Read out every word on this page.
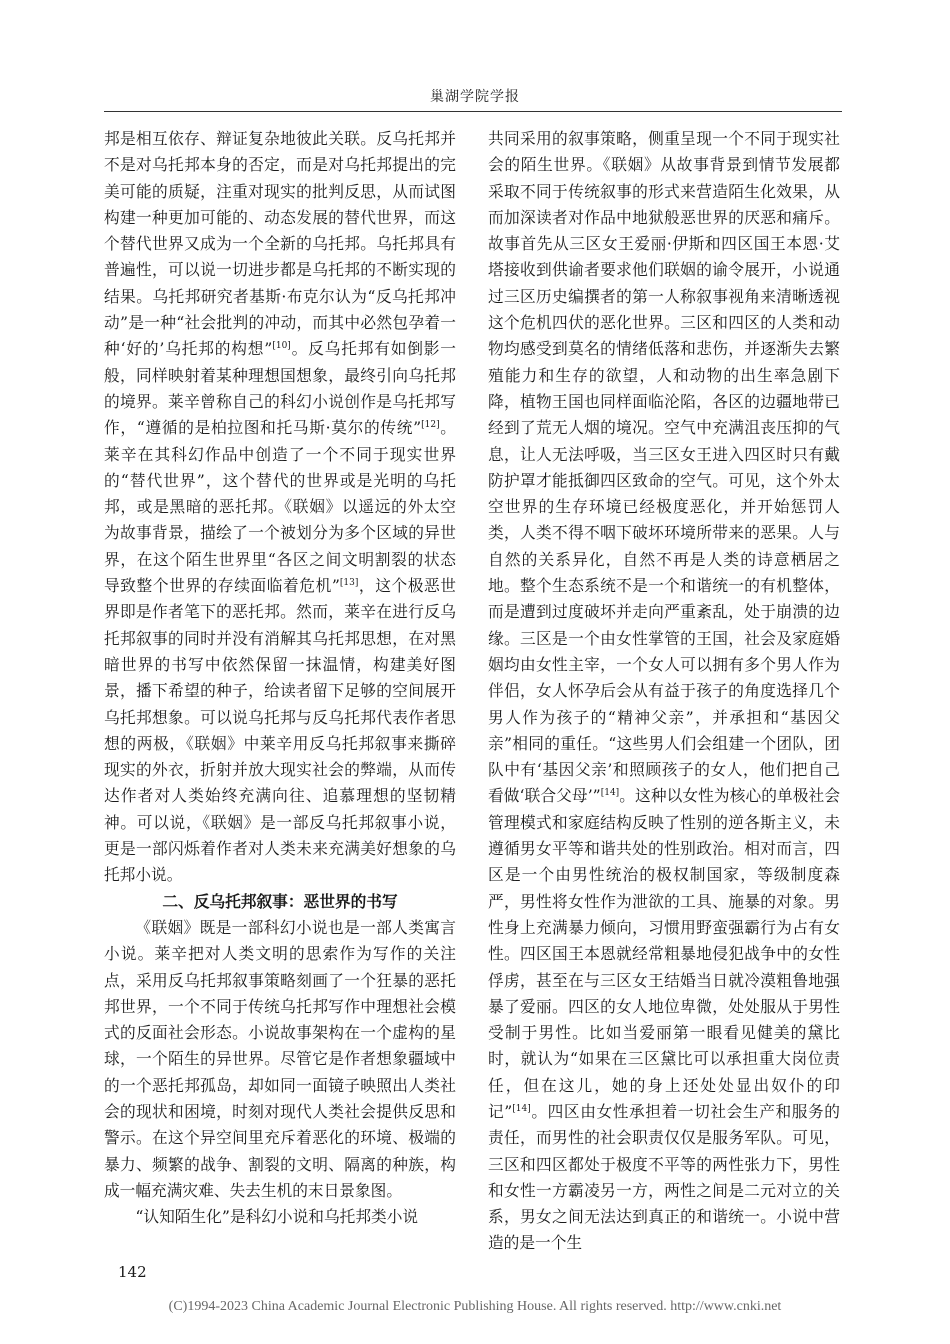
巢湖学院学报

邦是相互依存、辩证复杂地彼此关联。反乌托邦并不是对乌托邦本身的否定，而是对乌托邦提出的完美可能的质疑，注重对现实的批判反思，从而试图构建一种更加可能的、动态发展的替代世界，而这个替代世界又成为一个全新的乌托邦。乌托邦具有普遍性，可以说一切进步都是乌托邦的不断实现的结果。乌托邦研究者基斯·布克尔认为“反乌托邦冲动”是一种“社会批判的冲动，而其中必然包孕着一种‘好的’乌托邦的构想”[10]。反乌托邦有如倒影一般，同样映射着某种理想国想象，最终引向乌托邦的境界。莱辛曾称自己的科幻小说创作是乌托邦写作，“遵循的是柏拉图和托马斯·莫尔的传统”[12]。莱辛在其科幻作品中创造了一个不同于现实世界的“替代世界”，这个替代的世界或是光明的乌托邦，或是黑暗的恶托邦。《联姻》以遥远的外太空为故事背景，描绘了一个被划分为多个区域的异世界，在这个陌生世界里“各区之间文明割裂的状态导致整个世界的存续面临着危机”[13]，这个极恶世界即是作者笔下的恶托邦。然而，莱辛在进行反乌托邦叙事的同时并没有消解其乌托邦思想，在对黑暗世界的书写中依然保留一抹温情，构建美好图景，播下希望的种子，给读者留下足够的空间展开乌托邦想象。可以说乌托邦与反乌托邦代表作者思想的两极，《联姻》中莱辛用反乌托邦叙事来撕碎现实的外衣，折射并放大现实社会的弊端，从而传达作者对人类始终充满向往、追慕理想的坚韧精神。可以说，《联姻》是一部反乌托邦叙事小说，更是一部闪烁着作者对人类未来充满美好想象的乌托邦小说。

二、反乌托邦叙事：恶世界的书写

《联姻》既是一部科幻小说也是一部人类寓言小说。莱辛把对人类文明的思索作为写作的关注点，采用反乌托邦叙事策略刻画了一个狂暴的恶托邦世界，一个不同于传统乌托邦写作中理想社会模式的反面社会形态。小说故事架构在一个虚构的星球，一个陌生的异世界。尽管它是作者想象疆域中的一个恶托邦孤岛，却如同一面镜子映照出人类社会的现状和困境，时刻对现代人类社会提供反思和警示。在这个异空间里充斥着恶化的环境、极端的暴力、频繁的战争、割裂的文明、隔离的种族，构成一幅充满灾难、失去生机的末日景象图。

“认知陌生化”是科幻小说和乌托邦类小说

共同采用的叙事策略，侧重呈现一个不同于现实社会的陌生世界。《联姻》从故事背景到情节发展都采取不同于传统叙事的形式来营造陌生化效果，从而加深读者对作品中地狱般恶世界的厌恶和痛斥。故事首先从三区女王爱丽·伊斯和四区国王本恩·艾塔接收到供谕者要求他们联姻的谕令展开，小说通过三区历史编撰者的第一人称叙事视角来清晰透视这个危机四伏的恶化世界。三区和四区的人类和动物均感受到莫名的情绪低落和悲伤，并逐渐失去繁殖能力和生存的欲望，人和动物的出生率急剧下降，植物王国也同样面临沦陷，各区的边疆地带已经到了荒无人烟的境况。空气中充满沮丧压抑的气息，让人无法呼吸，当三区女王进入四区时只有戴防护罩才能抵御四区致命的空气。可见，这个外太空世界的生存环境已经极度恶化，并开始惩罚人类，人类不得不咽下破坏环境所带来的恶果。人与自然的关系异化，自然不再是人类的诗意栖居之地。整个生态系统不是一个和谐统一的有机整体，而是遭到过度破坏并走向严重紊乱，处于崩溃的边缘。三区是一个由女性掌管的王国，社会及家庭婚姻均由女性主宰，一个女人可以拥有多个男人作为伴侣，女人怀孕后会从有益于孩子的角度选择几个男人作为孩子的“精神父亲”，并承担和“基因父亲”相同的重任。“这些男人们会组建一个团队，团队中有‘基因父亲’和照顾孩子的女人，他们把自己看做‘联合父母’”[14]。这种以女性为核心的单极社会管理模式和家庭结构反映了性别的逆各斯主义，未遵循男女平等和谐共处的性别政治。相对而言，四区是一个由男性统治的极权制国家，等级制度森严，男性将女性作为泄欲的工具、施暴的对象。男性身上充满暴力倾向，习惯用野蛮强霸行为占有女性。四区国王本恩就经常粗暴地侵犯战争中的女性俘虏，甚至在与三区女王结婚当日就冷漠粗鲁地强暴了爱丽。四区的女人地位卑微，处处服从于男性受制于男性。比如当爱丽第一眼看见健美的黛比时，就认为“如果在三区黛比可以承担重大岗位责任，但在这儿，她的身上还处处显出奴仆的印记”[14]。四区由女性承担着一切社会生产和服务的责任，而男性的社会职责仅仅是服务军队。可见，三区和四区都处于极度不平等的两性张力下，男性和女性一方霸凌另一方，两性之间是二元对立的关系，男女之间无法达到真正的和谐统一。小说中营造的是一个生

142
(C)1994-2023 China Academic Journal Electronic Publishing House. All rights reserved. http://www.cnki.net
